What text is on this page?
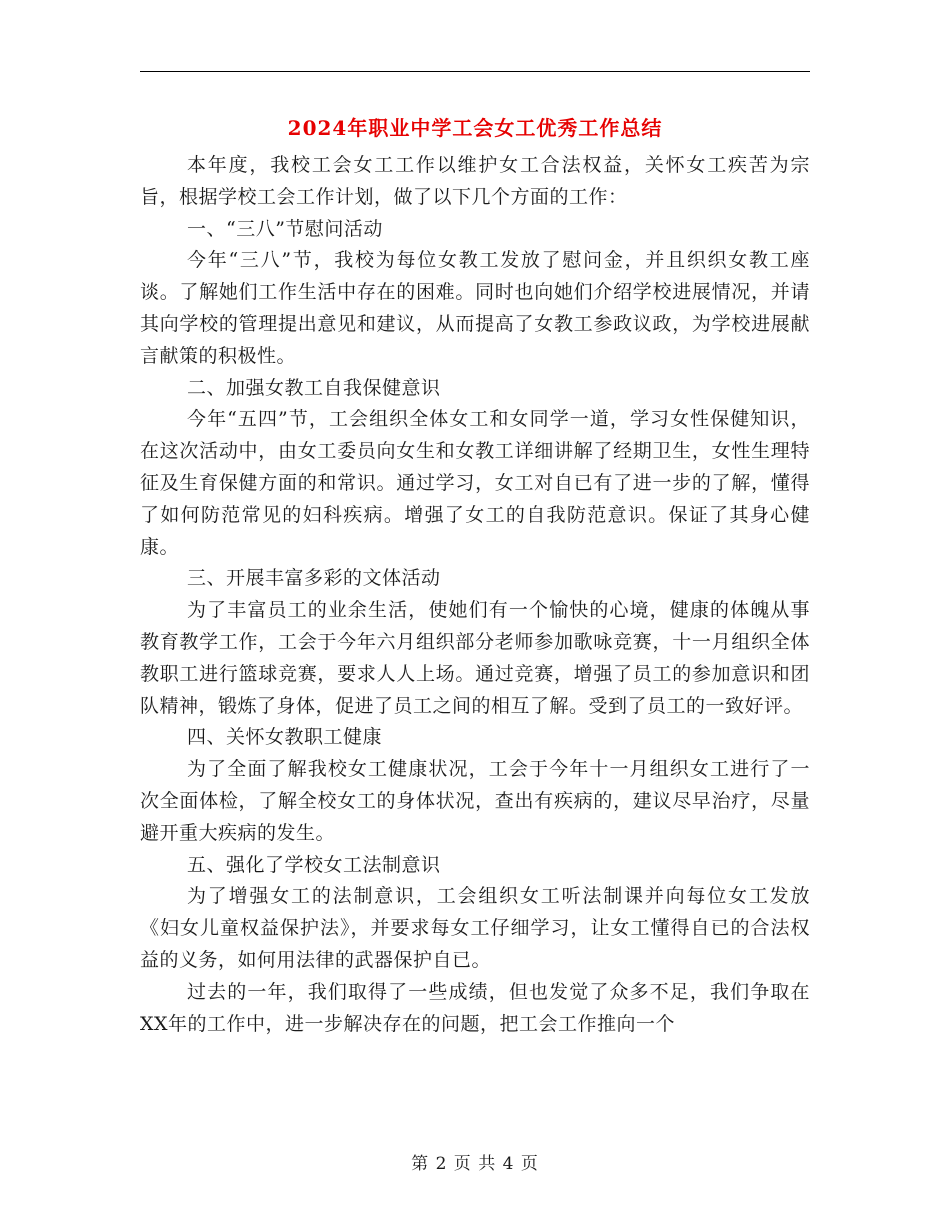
2024年职业中学工会女工优秀工作总结

本年度，我校工会女工工作以维护女工合法权益，关怀女工疾苦为宗旨，根据学校工会工作计划，做了以下几个方面的工作：

一、“三八”节慰问活动

今年“三八”节，我校为每位女教工发放了慰问金，并且织织女教工座谈。了解她们工作生活中存在的困难。同时也向她们介绍学校进展情况，并请其向学校的管理提出意见和建议，从而提高了女教工参政议政，为学校进展献言献策的积极性。

二、加强女教工自我保健意识

今年“五四”节，工会组织全体女工和女同学一道，学习女性保健知识，在这次活动中，由女工委员向女生和女教工详细讲解了经期卫生，女性生理特征及生育保健方面的和常识。通过学习，女工对自已有了进一步的了解，懂得了如何防范常见的妇科疾病。增强了女工的自我防范意识。保证了其身心健康。

三、开展丰富多彩的文体活动

为了丰富员工的业余生活，使她们有一个愉快的心境，健康的体魄从事教育教学工作，工会于今年六月组织部分老师参加歌咏竞赛，十一月组织全体教职工进行篮球竞赛，要求人人上场。通过竞赛，增强了员工的参加意识和团队精神，锻炼了身体，促进了员工之间的相互了解。受到了员工的一致好评。

四、关怀女教职工健康

为了全面了解我校女工健康状况，工会于今年十一月组织女工进行了一次全面体检，了解全校女工的身体状况，查出有疾病的，建议尽早治疗，尽量避开重大疾病的发生。

五、强化了学校女工法制意识

为了增强女工的法制意识，工会组织女工听法制课并向每位女工发放《妇女儿童权益保护法》，并要求每女工仔细学习，让女工懂得自已的合法权益的义务，如何用法律的武器保护自已。

过去的一年，我们取得了一些成绩，但也发觉了众多不足，我们争取在XX年的工作中，进一步解决存在的问题，把工会工作推向一个

第 2 页 共 4 页
